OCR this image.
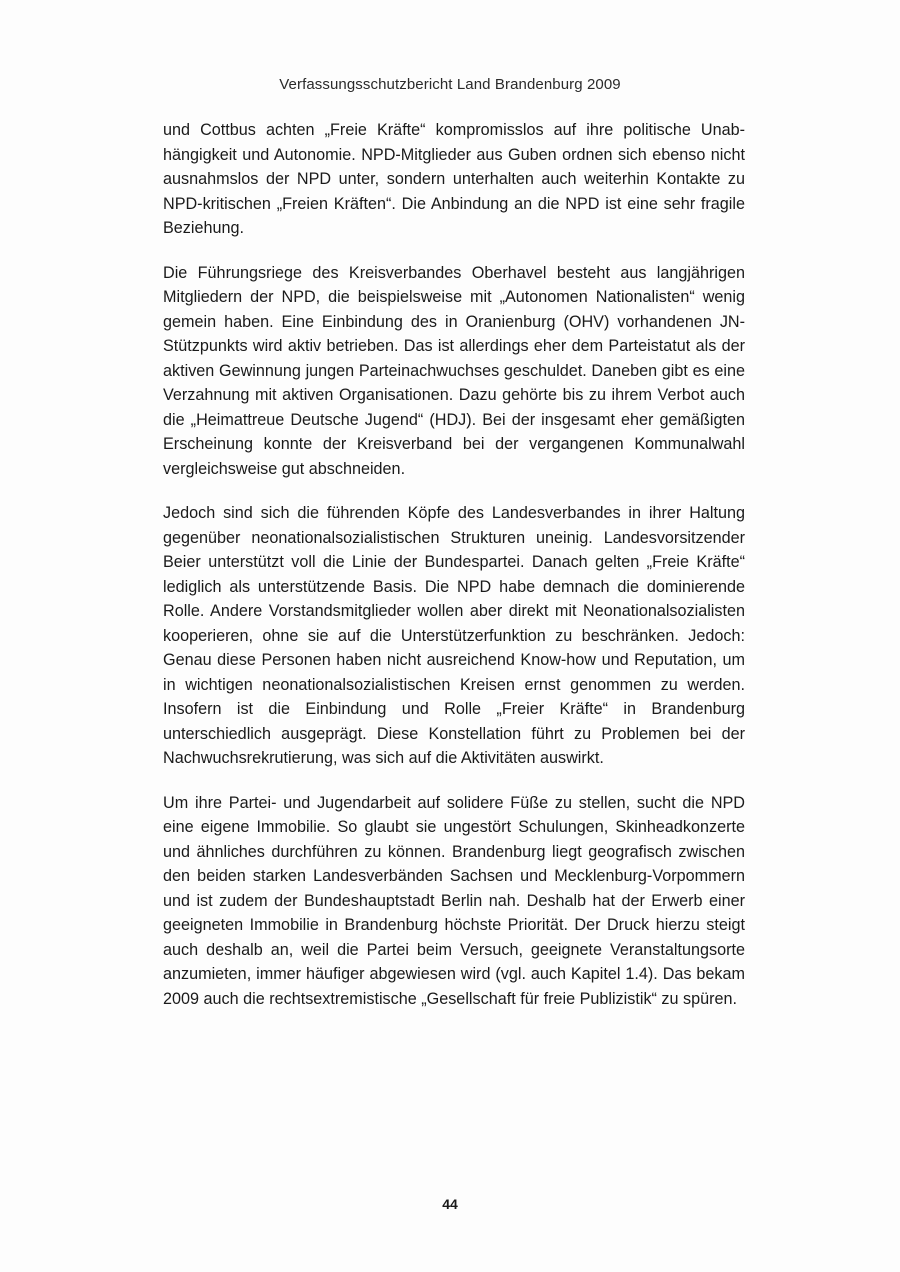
Verfassungsschutzbericht Land Brandenburg 2009

und Cottbus achten „Freie Kräfte“ kompromisslos auf ihre politische Unabhängigkeit und Autonomie. NPD-Mitglieder aus Guben ordnen sich ebenso nicht ausnahmslos der NPD unter, sondern unterhalten auch weiterhin Kontakte zu NPD-kritischen „Freien Kräften“. Die Anbindung an die NPD ist eine sehr fragile Beziehung.

Die Führungsriege des Kreisverbandes Oberhavel besteht aus langjährigen Mitgliedern der NPD, die beispielsweise mit „Autonomen Nationalisten“ wenig gemein haben. Eine Einbindung des in Oranienburg (OHV) vorhandenen JN-Stützpunkts wird aktiv betrieben. Das ist allerdings eher dem Parteistatut als der aktiven Gewinnung jungen Parteinachwuchses geschuldet. Daneben gibt es eine Verzahnung mit aktiven Organisationen. Dazu gehörte bis zu ihrem Verbot auch die „Heimattreue Deutsche Jugend“ (HDJ). Bei der insgesamt eher gemäßigten Erscheinung konnte der Kreisverband bei der vergangenen Kommunalwahl vergleichsweise gut abschneiden.

Jedoch sind sich die führenden Köpfe des Landesverbandes in ihrer Haltung gegenüber neonationalsozialistischen Strukturen uneinig. Landesvorsitzender Beier unterstützt voll die Linie der Bundespartei. Danach gelten „Freie Kräfte“ lediglich als unterstützende Basis. Die NPD habe demnach die dominierende Rolle. Andere Vorstandsmitglieder wollen aber direkt mit Neonationalsozialisten kooperieren, ohne sie auf die Unterstützerfunktion zu beschränken. Jedoch: Genau diese Personen haben nicht ausreichend Know-how und Reputation, um in wichtigen neonationalsozialistischen Kreisen ernst genommen zu werden. Insofern ist die Einbindung und Rolle „Freier Kräfte“ in Brandenburg unterschiedlich ausgeprägt. Diese Konstellation führt zu Problemen bei der Nachwuchsrekrutierung, was sich auf die Aktivitäten auswirkt.

Um ihre Partei- und Jugendarbeit auf solidere Füße zu stellen, sucht die NPD eine eigene Immobilie. So glaubt sie ungestört Schulungen, Skinheadkonzerte und ähnliches durchführen zu können. Brandenburg liegt geografisch zwischen den beiden starken Landesverbänden Sachsen und Mecklenburg-Vorpommern und ist zudem der Bundeshauptstadt Berlin nah. Deshalb hat der Erwerb einer geeigneten Immobilie in Brandenburg höchste Priorität. Der Druck hierzu steigt auch deshalb an, weil die Partei beim Versuch, geeignete Veranstaltungsorte anzumieten, immer häufiger abgewiesen wird (vgl. auch Kapitel 1.4). Das bekam 2009 auch die rechtsextremistische „Gesellschaft für freie Publizistik“ zu spüren.

44
